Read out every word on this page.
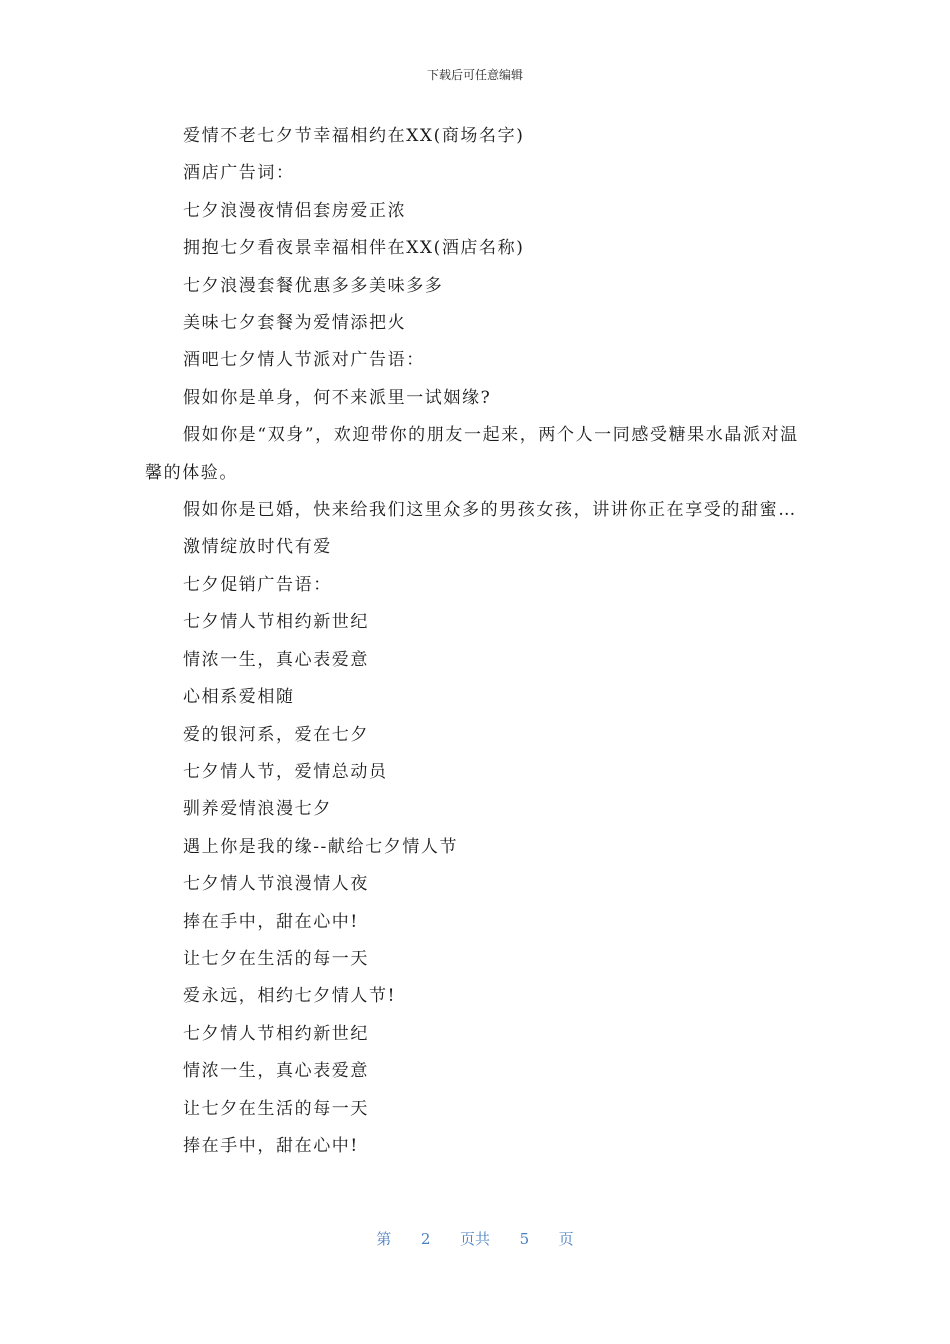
下载后可任意编辑

爱情不老七夕节幸福相约在XX(商场名字)

酒店广告词：

七夕浪漫夜情侣套房爱正浓

拥抱七夕看夜景幸福相伴在XX(酒店名称)

七夕浪漫套餐优惠多多美味多多

美味七夕套餐为爱情添把火

酒吧七夕情人节派对广告语：

假如你是单身，何不来派里一试姻缘?

假如你是“双身”，欢迎带你的朋友一起来，两个人一同感受糖果水晶派对温馨的体验。

假如你是已婚，快来给我们这里众多的男孩女孩，讲讲你正在享受的甜蜜…

激情绽放时代有爱

七夕促销广告语：

七夕情人节相约新世纪

情浓一生，真心表爱意

心相系爱相随

爱的银河系，爱在七夕

七夕情人节，爱情总动员

驯养爱情浪漫七夕

遇上你是我的缘--献给七夕情人节

七夕情人节浪漫情人夜

捧在手中，甜在心中!

让七夕在生活的每一天

爱永远，相约七夕情人节!

七夕情人节相约新世纪

情浓一生，真心表爱意

让七夕在生活的每一天

捧在手中，甜在心中!

第 2 页共 5 页
